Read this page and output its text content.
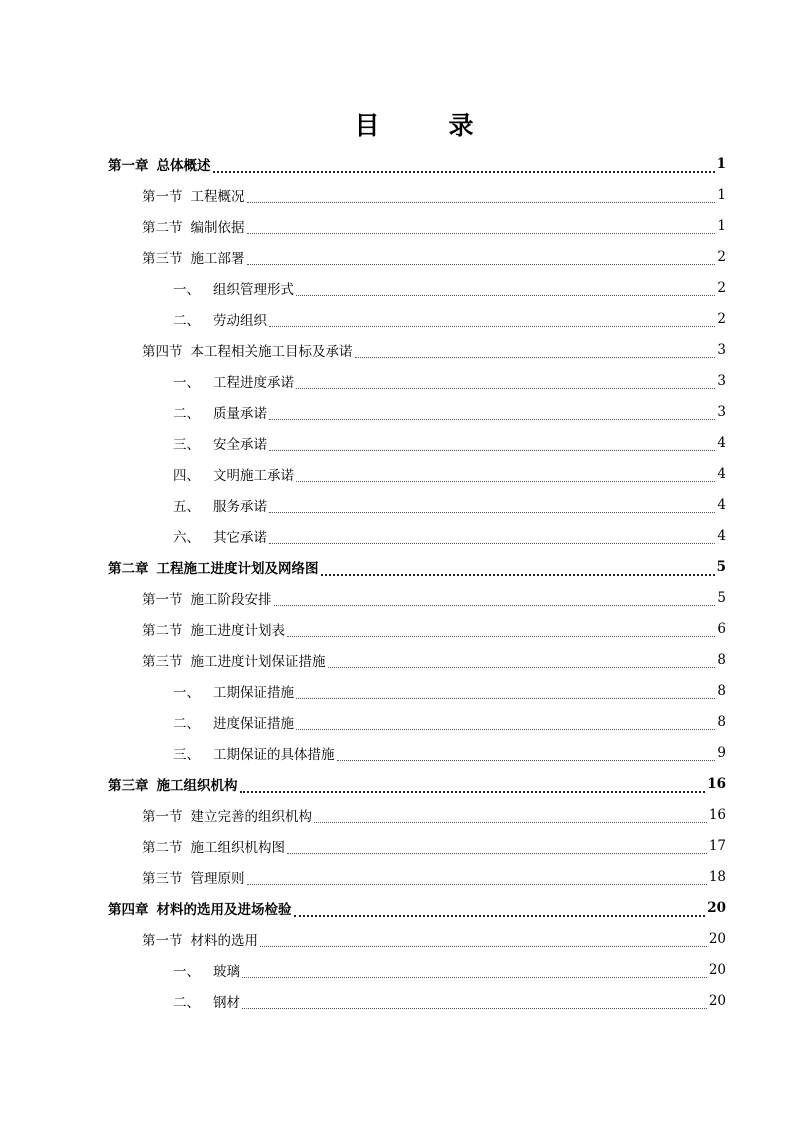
目　录
第一章 总体概述	1
第一节 工程概况	1
第二节 编制依据	1
第三节 施工部署	2
一、 组织管理形式	2
二、 劳动组织	2
第四节 本工程相关施工目标及承诺	3
一、 工程进度承诺	3
二、 质量承诺	3
三、 安全承诺	4
四、 文明施工承诺	4
五、 服务承诺	4
六、 其它承诺	4
第二章 工程施工进度计划及网络图	5
第一节 施工阶段安排	5
第二节 施工进度计划表	6
第三节 施工进度计划保证措施	8
一、 工期保证措施	8
二、 进度保证措施	8
三、 工期保证的具体措施	9
第三章 施工组织机构	16
第一节 建立完善的组织机构	16
第二节 施工组织机构图	17
第三节 管理原则	18
第四章 材料的选用及进场检验	20
第一节 材料的选用	20
一、 玻璃	20
二、 钢材	20
